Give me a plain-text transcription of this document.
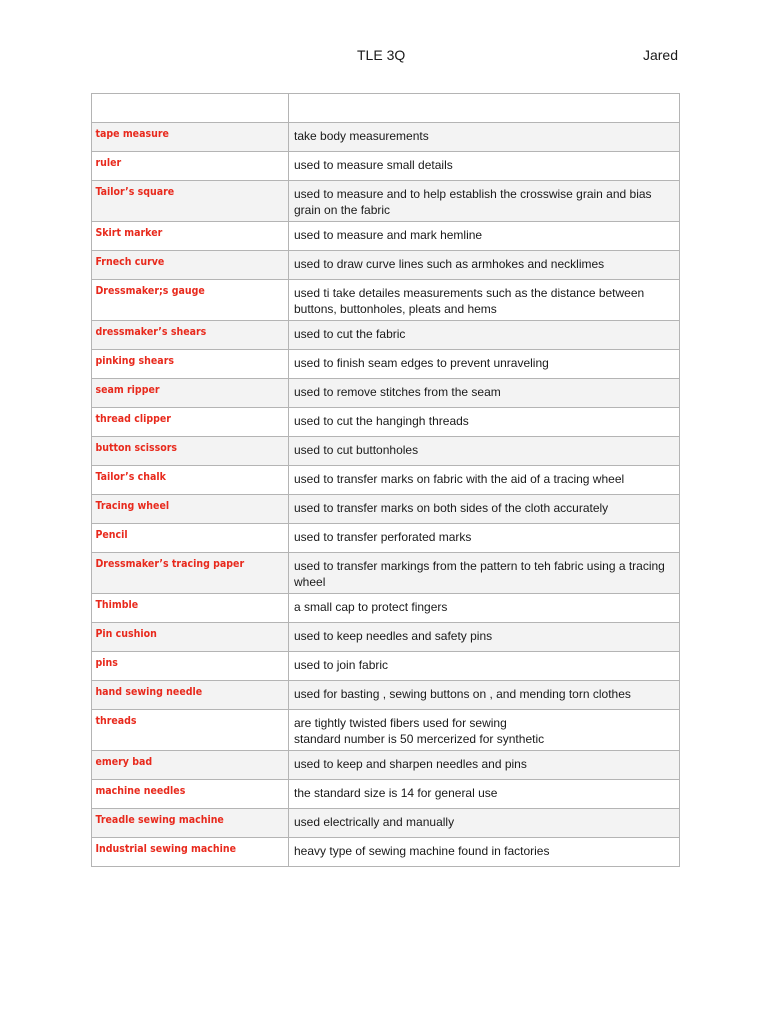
TLE 3Q	Jared

tape measure	take body measurements

ruler	used to measure small details

Tailor’s square	used to measure and to help establish the crosswise grain and bias grain on the fabric

Skirt marker	used to measure and mark hemline

Frnech curve	used to draw curve lines such as armhokes and necklimes

Dressmaker;s gauge	used ti take detailes measurements such as the distance between buttons, buttonholes, pleats and hems

dressmaker’s shears	used to cut the fabric

pinking shears	used to finish seam edges to prevent unraveling

seam ripper	used to remove stitches from the seam

thread clipper	used to cut the hangingh threads

button scissors	used to cut buttonholes

Tailor’s chalk	used to transfer marks on fabric with the aid of a tracing wheel

Tracing wheel	used to transfer marks on both sides of the cloth accurately

Pencil	used to transfer perforated marks

Dressmaker’s tracing paper	used to transfer markings from the pattern to teh fabric using a tracing wheel

Thimble	a small cap to protect fingers

Pin cushion	used to keep needles and safety pins

pins	used to join fabric

hand sewing needle	used for basting , sewing buttons on , and mending torn clothes

threads	are tightly twisted fibers used for sewing
standard number is 50 mercerized for synthetic

emery bad	used to keep and sharpen needles and pins

machine needles	the standard size is 14 for general use

Treadle sewing machine	used electrically and manually

Industrial sewing machine	heavy type of sewing machine found in factories
